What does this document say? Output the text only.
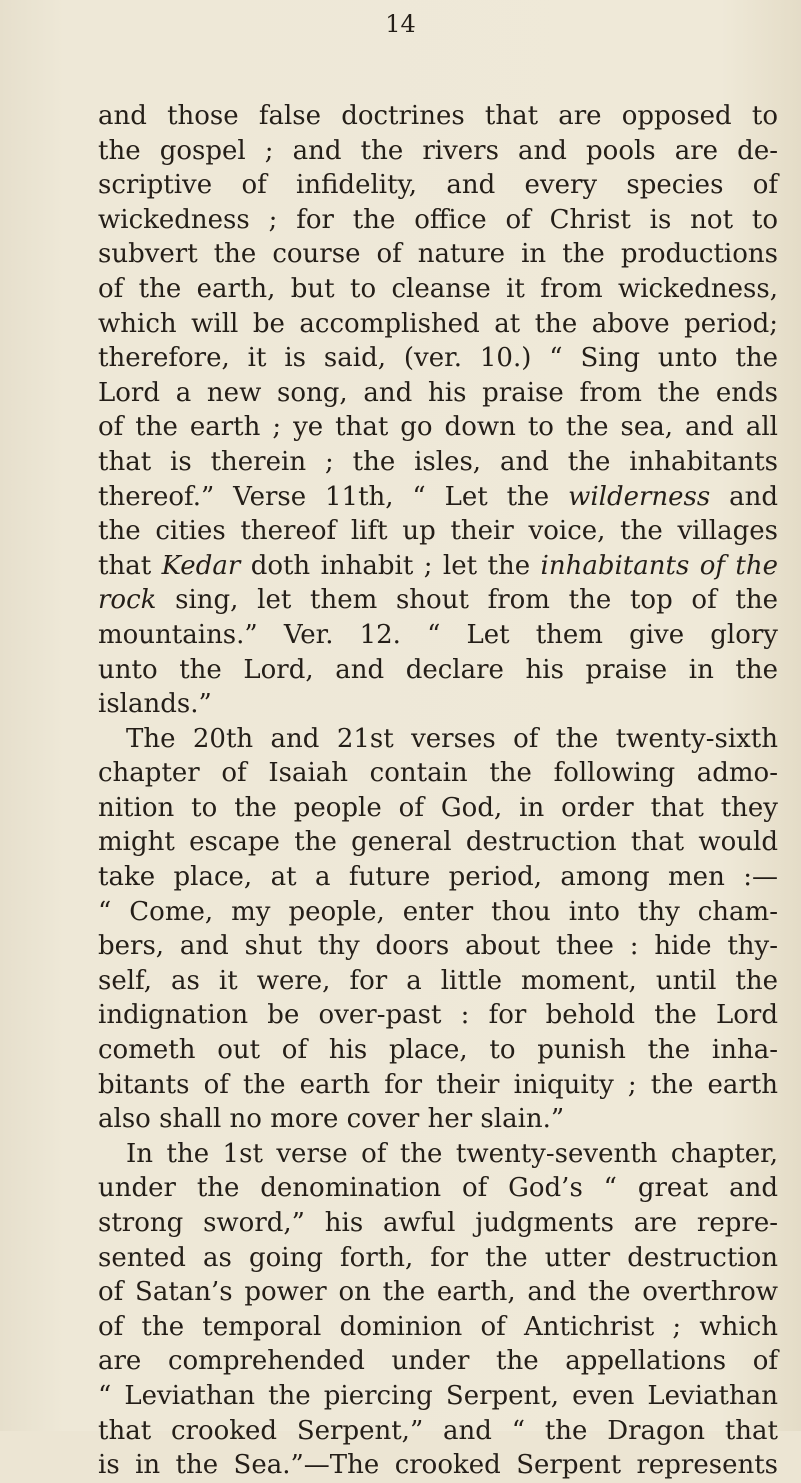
14
and those false doctrines that are opposed to
the gospel ; and the rivers and pools are de-
scriptive of infidelity, and every species of
wickedness ; for the office of Christ is not to
subvert the course of nature in the productions
of the earth, but to cleanse it from wickedness,
which will be accomplished at the above period;
therefore, it is said, (ver. 10.) “ Sing unto the
Lord a new song, and his praise from the ends
of the earth ; ye that go down to the sea, and all
that is therein ; the isles, and the inhabitants
thereof.” Verse 11th, “ Let the wilderness and
the cities thereof lift up their voice, the villages
that Kedar doth inhabit ; let the inhabitants of the
rock sing, let them shout from the top of the
mountains.” Ver. 12. “ Let them give glory
unto the Lord, and declare his praise in the
islands.”
The 20th and 21st verses of the twenty-sixth
chapter of Isaiah contain the following admo-
nition to the people of God, in order that they
might escape the general destruction that would
take place, at a future period, among men :—
“ Come, my people, enter thou into thy cham-
bers, and shut thy doors about thee : hide thy-
self, as it were, for a little moment, until the
indignation be over-past : for behold the Lord
cometh out of his place, to punish the inha-
bitants of the earth for their iniquity ; the earth
also shall no more cover her slain.”
In the 1st verse of the twenty-seventh chapter,
under the denomination of God’s “ great and
strong sword,” his awful judgments are repre-
sented as going forth, for the utter destruction
of Satan’s power on the earth, and the overthrow
of the temporal dominion of Antichrist ; which
are comprehended under the appellations of
“ Leviathan the piercing Serpent, even Leviathan
that crooked Serpent,” and “ the Dragon that
is in the Sea.”—The crooked Serpent represents
